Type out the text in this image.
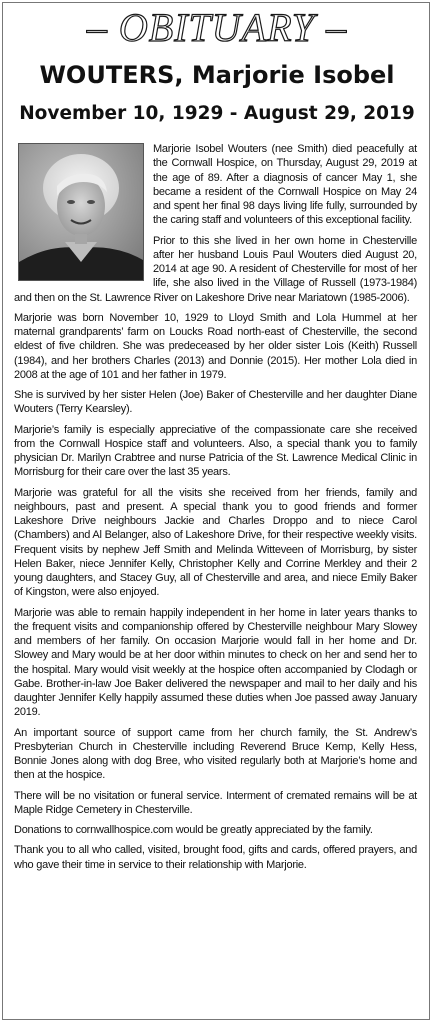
– OBITUARY –
WOUTERS, Marjorie Isobel
November 10, 1929 - August 29, 2019

Marjorie Isobel Wouters (nee Smith) died peacefully at the Cornwall Hospice, on Thursday, August 29, 2019 at the age of 89. After a diagnosis of cancer May 1, she became a resident of the Cornwall Hospice on May 24 and spent her final 98 days living life fully, surrounded by the caring staff and volunteers of this exceptional facility.

Prior to this she lived in her own home in Chesterville after her husband Louis Paul Wouters died August 20, 2014 at age 90. A resident of Chesterville for most of her life, she also lived in the Village of Russell (1973-1984) and then on the St. Lawrence River on Lakeshore Drive near Mariatown (1985-2006).

Marjorie was born November 10, 1929 to Lloyd Smith and Lola Hummel at her maternal grandparents’ farm on Loucks Road north-east of Chesterville, the second eldest of five children. She was predeceased by her older sister Lois (Keith) Russell (1984), and her brothers Charles (2013) and Donnie (2015). Her mother Lola died in 2008 at the age of 101 and her father in 1979.

She is survived by her sister Helen (Joe) Baker of Chesterville and her daughter Diane Wouters (Terry Kearsley).

Marjorie’s family is especially appreciative of the compassionate care she received from the Cornwall Hospice staff and volunteers. Also, a special thank you to family physician Dr. Marilyn Crabtree and nurse Patricia of the St. Lawrence Medical Clinic in Morrisburg for their care over the last 35 years.

Marjorie was grateful for all the visits she received from her friends, family and neighbours, past and present. A special thank you to good friends and former Lakeshore Drive neighbours Jackie and Charles Droppo and to niece Carol (Chambers) and Al Belanger, also of Lakeshore Drive, for their respective weekly visits. Frequent visits by nephew Jeff Smith and Melinda Witteveen of Morrisburg, by sister Helen Baker, niece Jennifer Kelly, Christopher Kelly and Corrine Merkley and their 2 young daughters, and Stacey Guy, all of Chesterville and area, and niece Emily Baker of Kingston, were also enjoyed.

Marjorie was able to remain happily independent in her home in later years thanks to the frequent visits and companionship offered by Chesterville neighbour Mary Slowey and members of her family. On occasion Marjorie would fall in her home and Dr. Slowey and Mary would be at her door within minutes to check on her and send her to the hospital. Mary would visit weekly at the hospice often accompanied by Clodagh or Gabe. Brother-in-law Joe Baker delivered the newspaper and mail to her daily and his daughter Jennifer Kelly happily assumed these duties when Joe passed away January 2019.

An important source of support came from her church family, the St. Andrew’s Presbyterian Church in Chesterville including Reverend Bruce Kemp, Kelly Hess, Bonnie Jones along with dog Bree, who visited regularly both at Marjorie’s home and then at the hospice.

There will be no visitation or funeral service. Interment of cremated remains will be at Maple Ridge Cemetery in Chesterville.

Donations to cornwallhospice.com would be greatly appreciated by the family.

Thank you to all who called, visited, brought food, gifts and cards, offered prayers, and who gave their time in service to their relationship with Marjorie.
